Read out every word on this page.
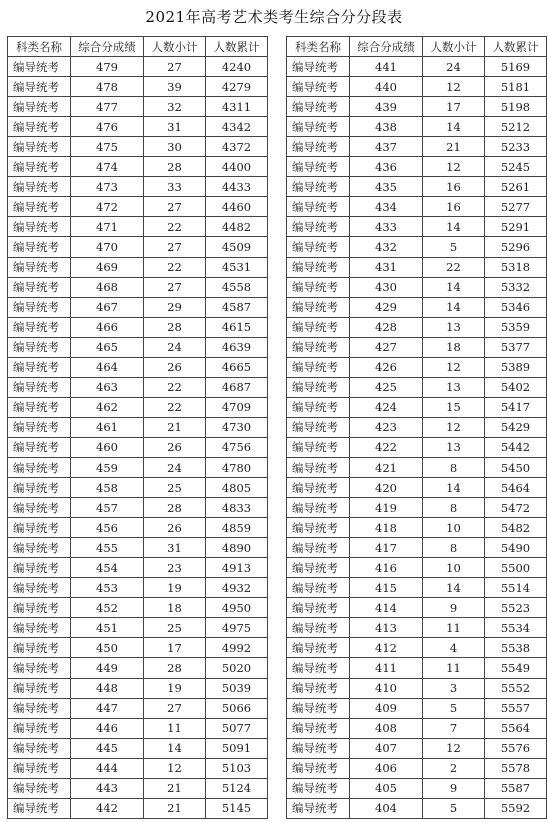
2021年高考艺术类考生综合分分段表
科类名称	综合分成绩	人数小计	人数累计
编导统考	479	27	4240
编导统考	478	39	4279
编导统考	477	32	4311
编导统考	476	31	4342
编导统考	475	30	4372
编导统考	474	28	4400
编导统考	473	33	4433
编导统考	472	27	4460
编导统考	471	22	4482
编导统考	470	27	4509
编导统考	469	22	4531
编导统考	468	27	4558
编导统考	467	29	4587
编导统考	466	28	4615
编导统考	465	24	4639
编导统考	464	26	4665
编导统考	463	22	4687
编导统考	462	22	4709
编导统考	461	21	4730
编导统考	460	26	4756
编导统考	459	24	4780
编导统考	458	25	4805
编导统考	457	28	4833
编导统考	456	26	4859
编导统考	455	31	4890
编导统考	454	23	4913
编导统考	453	19	4932
编导统考	452	18	4950
编导统考	451	25	4975
编导统考	450	17	4992
编导统考	449	28	5020
编导统考	448	19	5039
编导统考	447	27	5066
编导统考	446	11	5077
编导统考	445	14	5091
编导统考	444	12	5103
编导统考	443	21	5124
编导统考	442	21	5145
科类名称	综合分成绩	人数小计	人数累计
编导统考	441	24	5169
编导统考	440	12	5181
编导统考	439	17	5198
编导统考	438	14	5212
编导统考	437	21	5233
编导统考	436	12	5245
编导统考	435	16	5261
编导统考	434	16	5277
编导统考	433	14	5291
编导统考	432	5	5296
编导统考	431	22	5318
编导统考	430	14	5332
编导统考	429	14	5346
编导统考	428	13	5359
编导统考	427	18	5377
编导统考	426	12	5389
编导统考	425	13	5402
编导统考	424	15	5417
编导统考	423	12	5429
编导统考	422	13	5442
编导统考	421	8	5450
编导统考	420	14	5464
编导统考	419	8	5472
编导统考	418	10	5482
编导统考	417	8	5490
编导统考	416	10	5500
编导统考	415	14	5514
编导统考	414	9	5523
编导统考	413	11	5534
编导统考	412	4	5538
编导统考	411	11	5549
编导统考	410	3	5552
编导统考	409	5	5557
编导统考	408	7	5564
编导统考	407	12	5576
编导统考	406	2	5578
编导统考	405	9	5587
编导统考	404	5	5592
